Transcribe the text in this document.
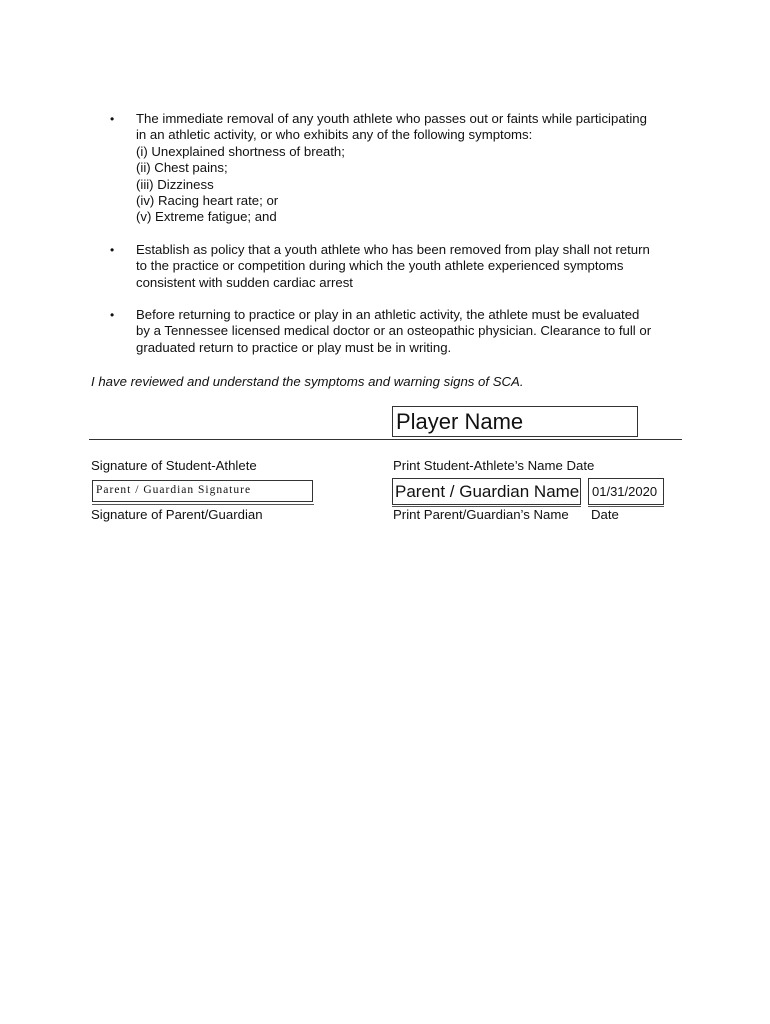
• The immediate removal of any youth athlete who passes out or faints while participating
in an athletic activity, or who exhibits any of the following symptoms:
(i) Unexplained shortness of breath;
(ii) Chest pains;
(iii) Dizziness
(iv) Racing heart rate; or
(v) Extreme fatigue; and
• Establish as policy that a youth athlete who has been removed from play shall not return
to the practice or competition during which the youth athlete experienced symptoms
consistent with sudden cardiac arrest
• Before returning to practice or play in an athletic activity, the athlete must be evaluated
by a Tennessee licensed medical doctor or an osteopathic physician. Clearance to full or
graduated return to practice or play must be in writing.
I have reviewed and understand the symptoms and warning signs of SCA.
Player Name
Signature of Student-Athlete	Print Student-Athlete’s Name Date
Parent / Guardian Signature	Parent / Guardian Name 01/31/2020
Signature of Parent/Guardian	Print Parent/Guardian’s Name Date
